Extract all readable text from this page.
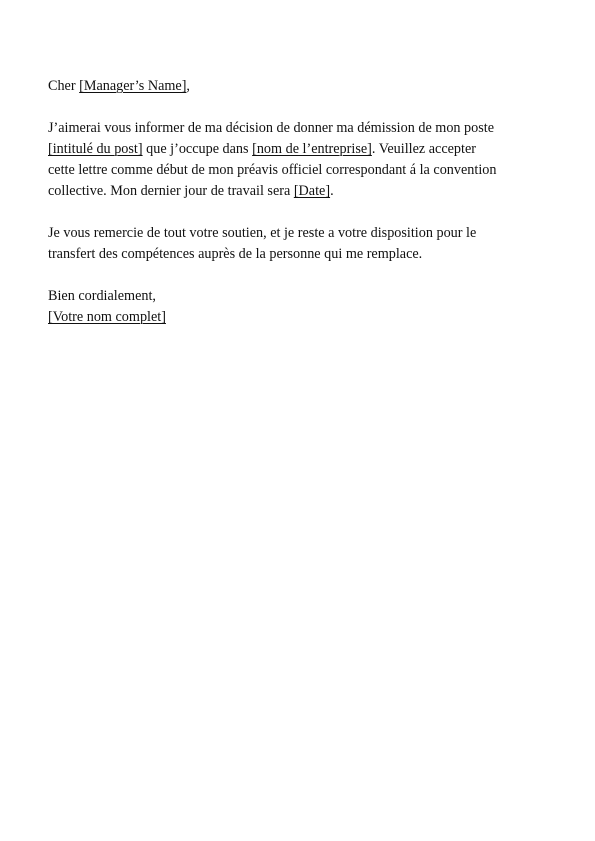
Cher [Manager’s Name],

J’aimerai vous informer de ma décision de donner ma démission de mon poste
[intitulé du post] que j’occupe dans [nom de l’entreprise]. Veuillez accepter
cette lettre comme début de mon préavis officiel correspondant á la convention
collective. Mon dernier jour de travail sera [Date].

Je vous remercie de tout votre soutien, et je reste a votre disposition pour le
transfert des compétences auprès de la personne qui me remplace.

Bien cordialement,
[Votre nom complet]
